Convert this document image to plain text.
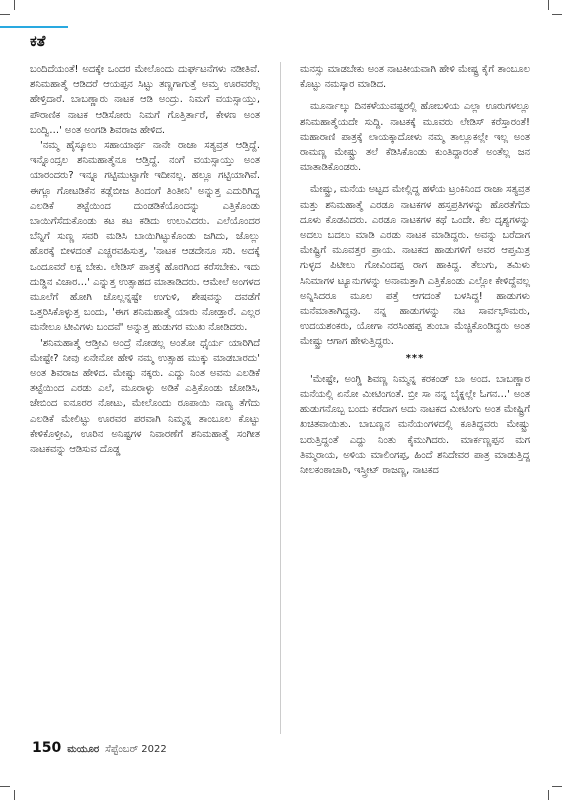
ಕತೆ

ಬಂದಿದೆಯಂತೆ! ಅದಕ್ಕೇ ಒಂದರ ಮೇಲೊಂದು ದುರ್ಘಟನೆಗಳು ನಡೀತಿವೆ. ಶನಿಮಹಾತ್ಮೆ ಆಡಿದರೆ ಆಯಪ್ಪನ ಸಿಟ್ಟು ತಣ್ಣಗಾಗುತ್ತೆ ಅಮ್ತ ಊರವರೆಲ್ಲ ಹೇಳ್ತಿದಾರೆ. ಬಾಬಣ್ಣಾರು ನಾಟಕ ಆಡಿ ಅಂದ್ರು. ನಿಮಗೆ ವಯಸ್ಸಾಯ್ತು, ಪೌರಾಣಿಕ ನಾಟಕ ಆಡಿಸೋರು ನಿಮಗೆ ಗೊತ್ತಿರ್ತಾರೆ, ಕೇಳಣ ಅಂತ ಬಂದ್ವಿ…' ಅಂತ ಅಂಗಡಿ ಶಿವರಾಜ ಹೇಳಿದ.

'ನಮ್ಮ ಹೈಸ್ಕೂಲು ಸಹಾಯಾರ್ಥ ನಾನೇ ರಾಜಾ ಸತ್ಯವ್ರತ ಆಡ್ತಿದ್ದೆ. ಇನ್ನೊಂದ್ಸಲ ಶನಿಮಹಾತ್ಮೆನೂ ಆಡ್ತಿದ್ದೆ. ನಂಗೆ ವಯಸ್ಸಾಯ್ತು ಅಂತ ಯಾರಂದರು? ಇನ್ನೂ ಗಟ್ಟಿಮುಟ್ಟಾಗೇ ಇದೀನಲ್ಲ. ಹಲ್ಲೂ ಗಟ್ಟಿಯಾಗಿವೆ. ಈಗ್ಲೂ ಗೋಟಡಿಕೆನ ಕಡ್ಲೆಬೀಜ ತಿಂದಂಗೆ ತಿಂತೀನಿ' ಅನ್ನುತ್ತ ಎದುರಿಗಿದ್ದ ಎಲಡಿಕೆ ತಟ್ಟೆಯಿಂದ ದುಂಡಡಿಕೆಯೊಂದನ್ನು ಎತ್ತಿಕೊಂಡು ಬಾಯಿಗೆಸೆದುಕೊಂಡು ಕಟ ಕಟ ಕಡಿದು ಉಲುವಿದರು. ಎಲೆಯೊಂದರ ಬೆನ್ನಿಗೆ ಸುಣ್ಣ ಸವರಿ ಮಡಿಸಿ ಬಾಯಿಗಿಟ್ಟುಕೊಂಡು ಜಗಿದು, ಜೊಲ್ಲು ಹೊರಕ್ಕೆ ಬೀಳದಂತೆ ಎಚ್ಚರವಹಿಸುತ್ತ, 'ನಾಟಕ ಆಡದೇನೂ ಸರಿ. ಅದಕ್ಕೆ ಒಂದೂವರೆ ಲಕ್ಷ ಬೇಕು. ಲೇಡಿಸ್ ಪಾತ್ರಕ್ಕೆ ಹೊರಗಿಂದ ಕರೆಸಬೇಕು. ಇದು ದುಡ್ಡಿನ ವಿಚಾರ…' ಎನ್ನುತ್ತ ಉತ್ಸಾಹದ ಮಾತಾಡಿದರು. ಆಮೇಲೆ ಅಂಗಳದ ಮೂಲೆಗೆ ಹೋಗಿ ಜೊಲ್ಲನ್ನಷ್ಟೇ ಉಗುಳಿ, ಶೇಷವನ್ನು ದವಡೆಗೆ ಒತ್ತರಿಸಿಕೊಳ್ಳುತ್ತ ಬಂದು, 'ಈಗ ಶನಿಮಹಾತ್ಮೆ ಯಾರು ನೋಡ್ತಾರೆ. ಎಲ್ಲರ ಮನೇಲೂ ಟೀವಿಗಳು ಬಂದವೆ' ಅನ್ನುತ್ತ ಹುಡುಗರ ಮುಖ ನೋಡಿದರು.

'ಶನಿಮಹಾತ್ಮೆ ಆಡ್ತೀವಿ ಅಂದ್ರೆ ನೋಡಲ್ಲ ಅಂತೋ ಧೈರ್ಯ ಯಾರಿಗಿದೆ ಮೇಷ್ಟೇ? ನೀವು ಏನೇನೋ ಹೇಳಿ ನಮ್ಮ ಉತ್ಸಾಹ ಮುಕ್ಕು ಮಾಡಬಾರದು' ಅಂತ ಶಿವರಾಜ ಹೇಳಿದ. ಮೇಷ್ಟು ನಕ್ಕರು. ಎದ್ದು ನಿಂತ ಅವನು ಎಲಡಿಕೆ ತಟ್ಟೆಯಿಂದ ಎರಡು ಎಲೆ, ಮೂರಾಳ್ಳು ಅಡಿಕೆ ಎತ್ತಿಕೊಂಡು ಜೋಡಿಸಿ, ಜೇಬಿಂದ ಐನೂರರ ನೋಟು, ಮೇಲೊಂದು ರೂಪಾಯಿ ನಾಣ್ಯ ತೆಗೆದು ಎಲಡಿಕೆ ಮೇಲಿಟ್ಟು ಊರವರ ಪರವಾಗಿ ನಿಮ್ಮನ್ನ ತಾಂಬೂಲ ಕೊಟ್ಟು ಕೇಳಿಕೊಳ್ತೀವಿ, ಊರಿನ ಅನಿಷ್ಟಗಳ ನಿವಾರಣೆಗೆ ಶನಿಮಹಾತ್ಮೆ ಸಂಗೀತ ನಾಟಕವನ್ನು ಆಡಿಸುವ ದೊಡ್ಡ

ಮನಸ್ಸು ಮಾಡಬೇಕು ಅಂತ ನಾಟಕೀಯವಾಗಿ ಹೇಳಿ ಮೇಷ್ಟ್ರ ಕೈಗೆ ತಾಂಬೂಲ ಕೊಟ್ಟು ನಮಸ್ಕಾರ ಮಾಡಿದ.

ಮೂರ್ನಾಲ್ಕು ದಿನಕಳೆಯುವಷ್ಟರಲ್ಲಿ ಹೋಬಳಿಯ ಎಲ್ಲಾ ಊರುಗಳಲ್ಲೂ ಶನಿಮಹಾತ್ಮೆಯದೇ ಸುದ್ದಿ. ನಾಟಕಕ್ಕೆ ಮೂವರು ಲೇಡಿಸ್ ಕರೆಸ್ತಾರಂತೆ! ಮಹಾರಾಣಿ ಪಾತ್ರಕ್ಕೆ ಲಾಯಕ್ಕಾದೋಳು ನಮ್ಮ ತಾಲ್ಲೂಕಲ್ಲೇ ಇಲ್ಲ ಅಂತ ರಾಮಣ್ಣ ಮೇಷ್ಟ್ರು ತಲೆ ಕೆಡಿಸಿಕೊಂಡು ಕುಂತಿದ್ದಾರಂತೆ ಅಂತೆಲ್ಲ ಜನ ಮಾತಾಡಿಕೊಂಡರು.

ಮೇಷ್ಟ್ರು, ಮನೆಯ ಅಟ್ಟದ ಮೇಲ್ಲಿದ್ದ ಹಳೆಯ ಟ್ರಂಕಿನಿಂದ ರಾಜಾ ಸತ್ಯವ್ರತ ಮತ್ತು ಶನಿಮಹಾತ್ಮೆ ಎರಡೂ ನಾಟಕಗಳ ಹಸ್ತಪ್ರತಿಗಳನ್ನು ಹೊರತೆಗೆದು ದೂಳು ಕೊಡವಿದರು. ಎರಡೂ ನಾಟಕಗಳ ಕಥೆ ಒಂದೇ. ಕೆಲ ದೃಶ್ಯಗಳನ್ನು ಅದಲು ಬದಲು ಮಾಡಿ ಎರಡು ನಾಟಕ ಮಾಡಿದ್ದರು. ಅವನ್ನು ಬರೆದಾಗ ಮೇಷ್ಟ್ರಿಗೆ ಮೂವತ್ತರ ಪ್ರಾಯ. ನಾಟಕದ ಹಾಡುಗಳಿಗೆ ಅವರ ಆಪ್ತಮಿತ್ರ ಗುಳ್ಳದ ಪಿಟೀಲು ಗೋವಿಂದಪ್ಪ ರಾಗ ಹಾಕಿದ್ದ. ತೆಲುಗು, ತಮಿಳು ಸಿನಿಮಾಗಳ ಟ್ಯೂನುಗಳನ್ನು ಅನಾಮತ್ತಾಗಿ ಎತ್ತಿಕೊಂಡು ಎಲ್ಲೋ ಕೇಳಿದ್ದೆವಲ್ಲ ಅನ್ನಿಸಿದರೂ ಮೂಲ ಪತ್ತೆ ಆಗದಂತೆ ಬಳಸಿದ್ದ! ಹಾಡುಗಳು ಮನೆಮಾತಾಗಿದ್ದವು. ನನ್ನ ಹಾಡುಗಳನ್ನು ನಟ ಸಾರ್ವಭೌಮರು, ಉದಯಶಂಕರು, ಯೋಗಾ ನರಸಿಂಹಪ್ಪ ತುಂಬಾ ಮೆಚ್ಚಿಕೊಂಡಿದ್ದರು ಅಂತ ಮೇಷ್ಟ್ರು ಆಗಾಗ ಹೇಳುತ್ತಿದ್ದರು.

***

'ಮೇಷ್ಟೇ, ಅಂಗ್ಡಿ ಶಿವಣ್ಣ ನಿಮ್ಮನ್ನ ಕರಕಂಡ್ ಬಾ ಅಂದ. ಬಾಬಣ್ಣಾರ ಮನೆಯಲ್ಲಿ ಏನೋ ಮೀಟಿಂಗಂತೆ. ಬ್ರೀ ಸಾ ನನ್ನ ಬೈಕ್ನಲ್ಲೇ ಓಗನ…' ಅಂತ ಹುಡುಗನೊಬ್ಬ ಬಂದು ಕರೆದಾಗ ಅದು ನಾಟಕದ ಮೀಟಿಂಗು ಅಂತ ಮೇಷ್ಟ್ರಿಗೆ ಖಚಿತವಾಯಿತು. ಬಾಬಣ್ಣನ ಮನೆಯಂಗಳದಲ್ಲಿ ಕೂತಿದ್ದವರು ಮೇಷ್ಟ್ರು ಬರುತ್ತಿದ್ದಂತೆ ಎದ್ದು ನಿಂತು ಕೈಮುಗಿದರು. ಮಾರ್ಕಣ್ಣಪ್ಪನ ಮಗ ತಿಮ್ಮರಾಯ, ಅಳಿಯ ಮಾಲಿಂಗಪ್ಪ, ಹಿಂದೆ ಶನಿದೇವರ ಪಾತ್ರ ಮಾಡುತ್ತಿದ್ದ ನೀಲಕಂಠಾಚಾರಿ, ಇಸ್ತ್ರೀಟ್ ರಾಜಣ್ಣ, ನಾಟಕದ

150 ಮಯೂರ ಸೆಪ್ಟೆಂಬರ್ 2022
